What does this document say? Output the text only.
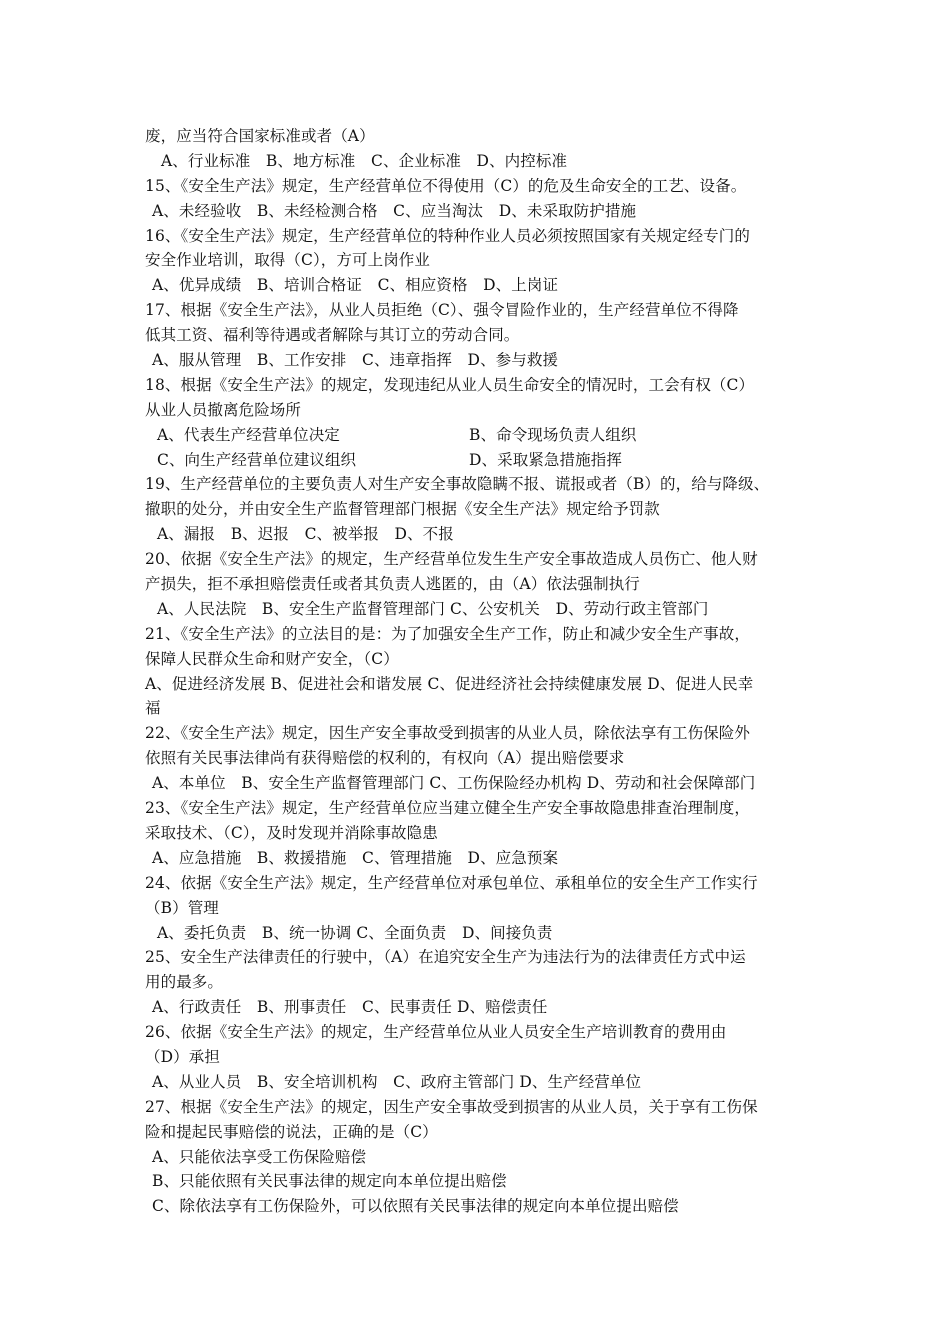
废，应当符合国家标准或者（A）
A、行业标准　B、地方标准　C、企业标准　D、内控标准
15、《安全生产法》规定，生产经营单位不得使用（C）的危及生命安全的工艺、设备。
A、未经验收　B、未经检测合格　C、应当淘汰　D、未采取防护措施
16、《安全生产法》规定，生产经营单位的特种作业人员必须按照国家有关规定经专门的
安全作业培训，取得（C），方可上岗作业
A、优异成绩　B、培训合格证　C、相应资格　D、上岗证
17、根据《安全生产法》，从业人员拒绝（C）、强令冒险作业的，生产经营单位不得降
低其工资、福利等待遇或者解除与其订立的劳动合同。
A、服从管理　B、工作安排　C、违章指挥　D、参与救援
18、根据《安全生产法》的规定，发现违纪从业人员生命安全的情况时，工会有权（C）
从业人员撤离危险场所
A、代表生产经营单位决定	B、命令现场负责人组织
C、向生产经营单位建议组织	D、采取紧急措施指挥
19、生产经营单位的主要负责人对生产安全事故隐瞒不报、谎报或者（B）的，给与降级、
撤职的处分，并由安全生产监督管理部门根据《安全生产法》规定给予罚款
A、漏报　B、迟报　C、被举报　D、不报
20、依据《安全生产法》的规定，生产经营单位发生生产安全事故造成人员伤亡、他人财
产损失，拒不承担赔偿责任或者其负责人逃匿的，由（A）依法强制执行
A、人民法院　B、安全生产监督管理部门 C、公安机关　D、劳动行政主管部门
21、《安全生产法》的立法目的是：为了加强安全生产工作，防止和减少安全生产事故，
保障人民群众生命和财产安全，（C）
A、促进经济发展 B、促进社会和谐发展 C、促进经济社会持续健康发展 D、促进人民幸
福
22、《安全生产法》规定，因生产安全事故受到损害的从业人员，除依法享有工伤保险外
依照有关民事法律尚有获得赔偿的权利的，有权向（A）提出赔偿要求
A、本单位　B、安全生产监督管理部门 C、工伤保险经办机构 D、劳动和社会保障部门
23、《安全生产法》规定，生产经营单位应当建立健全生产安全事故隐患排查治理制度，
采取技术、（C），及时发现并消除事故隐患
A、应急措施　B、救援措施　C、管理措施　D、应急预案
24、依据《安全生产法》规定，生产经营单位对承包单位、承租单位的安全生产工作实行
（B）管理
A、委托负责　B、统一协调 C、全面负责　D、间接负责
25、安全生产法律责任的行驶中，（A）在追究安全生产为违法行为的法律责任方式中运
用的最多。
A、行政责任　B、刑事责任　C、民事责任 D、赔偿责任
26、依据《安全生产法》的规定，生产经营单位从业人员安全生产培训教育的费用由
（D）承担
A、从业人员　B、安全培训机构　C、政府主管部门 D、生产经营单位
27、根据《安全生产法》的规定，因生产安全事故受到损害的从业人员，关于享有工伤保
险和提起民事赔偿的说法，正确的是（C）
A、只能依法享受工伤保险赔偿
B、只能依照有关民事法律的规定向本单位提出赔偿
C、除依法享有工伤保险外，可以依照有关民事法律的规定向本单位提出赔偿
